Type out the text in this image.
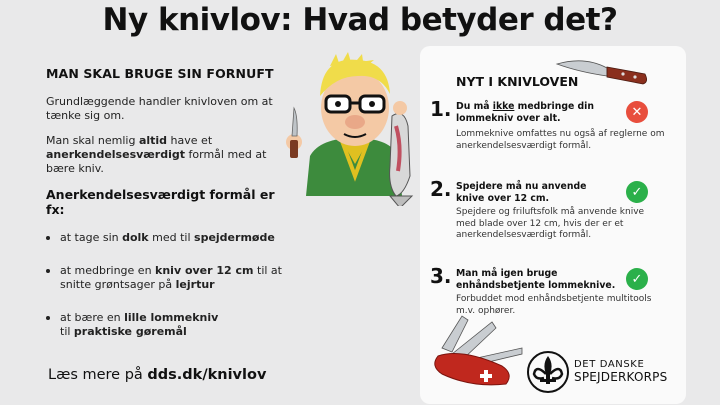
Ny knivlov: Hvad betyder det?
MAN SKAL BRUGE SIN FORNUFT
Grundlæggende handler knivloven om at tænke sig om.
Man skal nemlig altid have et anerkendelsesværdigt formål med at bære kniv.
Anerkendelsesværdigt formål er fx:
at tage sin dolk med til spejdermøde
at medbringe en kniv over 12 cm til at snitte grøntsager på lejrtur
at bære en lille lommekniv
til praktiske gøremål
Læs mere på dds.dk/knivlov
NYT I KNIVLOVEN
1. Du må ikke medbringe din lommekniv over alt.	✕
Lommeknive omfattes nu også af reglerne om anerkendelsesværdigt formål.
2. Spejdere må nu anvende knive over 12 cm.	✓
Spejdere og friluftsfolk må anvende knive med blade over 12 cm, hvis der er et anerkendelsesværdigt formål.
3. Man må igen bruge enhåndsbetjente lommeknive.	✓
Forbuddet mod enhåndsbetjente multitools m.v. ophører.
DET DANSKE
SPEJDERKORPS
